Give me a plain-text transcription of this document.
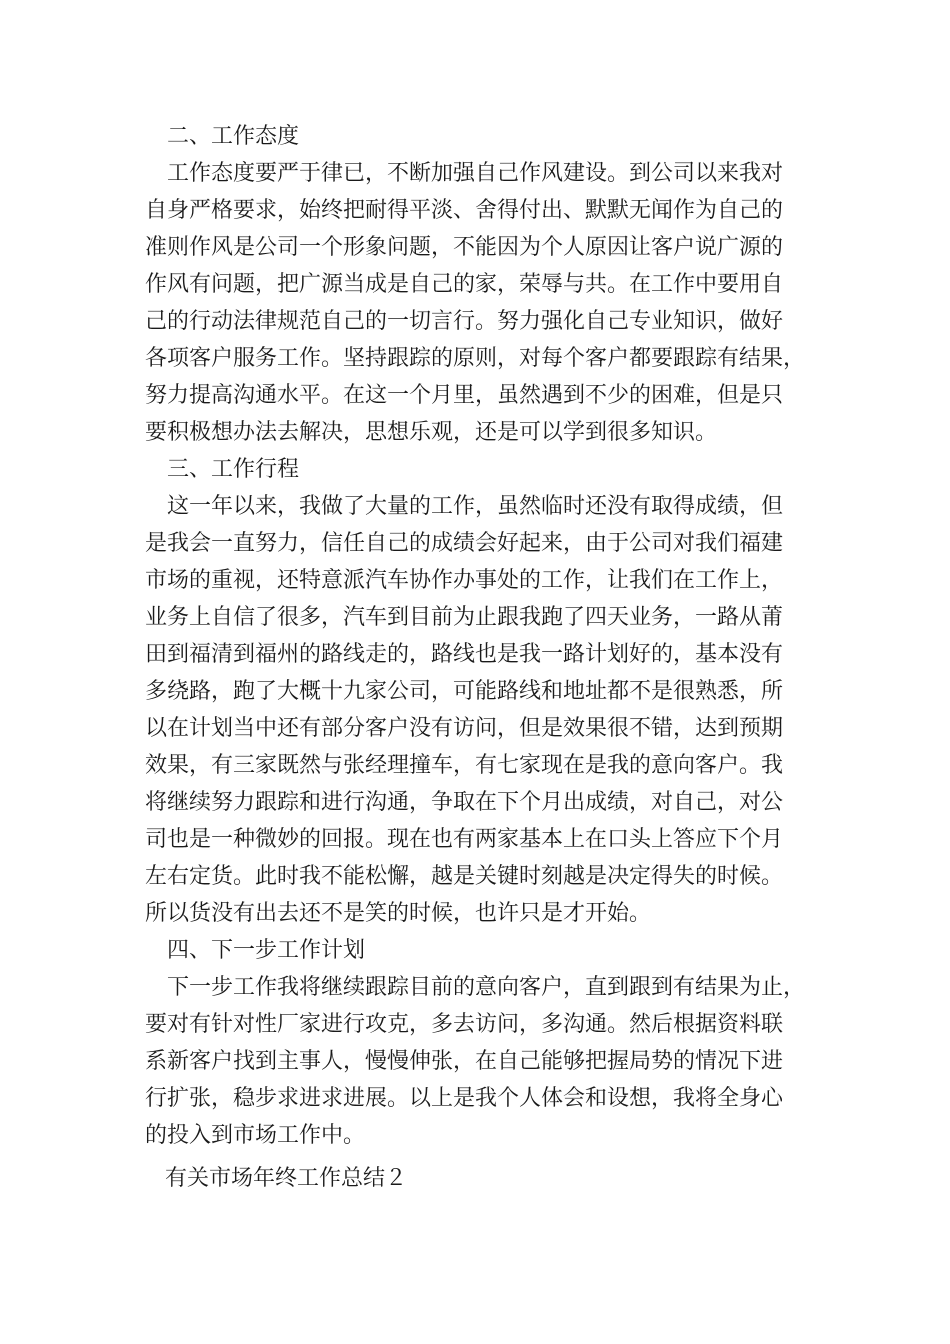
二、工作态度
工作态度要严于律已，不断加强自己作风建设。到公司以来我对
自身严格要求，始终把耐得平淡、舍得付出、默默无闻作为自己的
准则作风是公司一个形象问题，不能因为个人原因让客户说广源的
作风有问题，把广源当成是自己的家，荣辱与共。在工作中要用自
己的行动法律规范自己的一切言行。努力强化自己专业知识，做好
各项客户服务工作。坚持跟踪的原则，对每个客户都要跟踪有结果，
努力提高沟通水平。在这一个月里，虽然遇到不少的困难，但是只
要积极想办法去解决，思想乐观，还是可以学到很多知识。
三、工作行程
这一年以来，我做了大量的工作，虽然临时还没有取得成绩，但
是我会一直努力，信任自己的成绩会好起来，由于公司对我们福建
市场的重视，还特意派汽车协作办事处的工作，让我们在工作上，
业务上自信了很多，汽车到目前为止跟我跑了四天业务，一路从莆
田到福清到福州的路线走的，路线也是我一路计划好的，基本没有
多绕路，跑了大概十九家公司，可能路线和地址都不是很熟悉，所
以在计划当中还有部分客户没有访问，但是效果很不错，达到预期
效果，有三家既然与张经理撞车，有七家现在是我的意向客户。我
将继续努力跟踪和进行沟通，争取在下个月出成绩，对自己，对公
司也是一种微妙的回报。现在也有两家基本上在口头上答应下个月
左右定货。此时我不能松懈，越是关键时刻越是决定得失的时候。
所以货没有出去还不是笑的时候，也许只是才开始。
四、下一步工作计划
下一步工作我将继续跟踪目前的意向客户，直到跟到有结果为止，
要对有针对性厂家进行攻克，多去访问，多沟通。然后根据资料联
系新客户找到主事人，慢慢伸张，在自己能够把握局势的情况下进
行扩张，稳步求进求进展。以上是我个人体会和设想，我将全身心
的投入到市场工作中。
有关市场年终工作总结２
